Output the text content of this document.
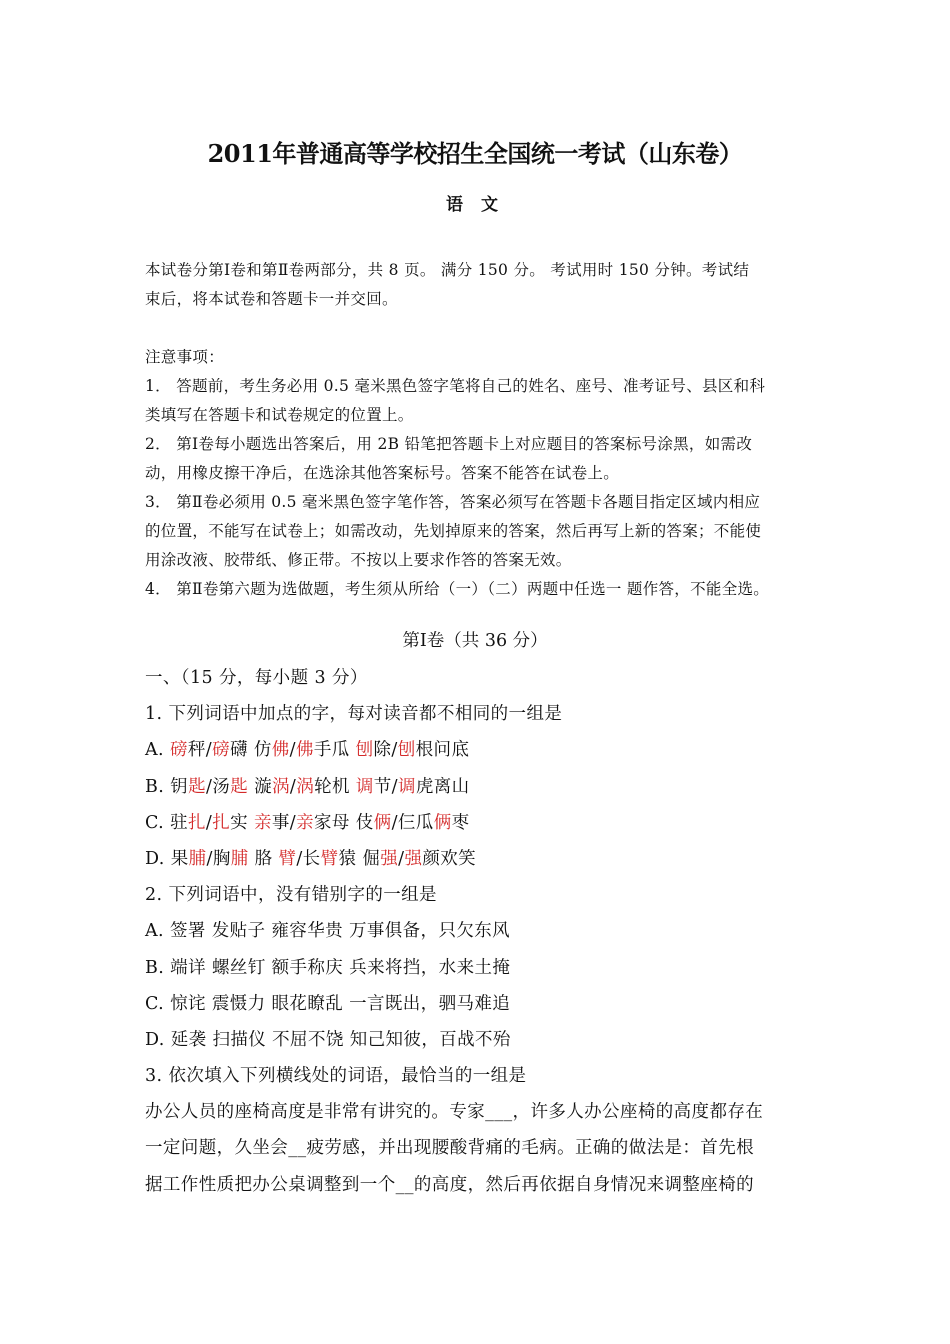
2011年普通高等学校招生全国统一考试（山东卷）
语 文

本试卷分第Ⅰ卷和第Ⅱ卷两部分，共 8 页。 满分 150 分。 考试用时 150 分钟。考试结

束后，将本试卷和答题卡一并交回。

注意事项：

1． 答题前，考生务必用 0.5 毫米黑色签字笔将自己的姓名、座号、准考证号、县区和科

类填写在答题卡和试卷规定的位置上。

2． 第Ⅰ卷每小题选出答案后，用 2B 铅笔把答题卡上对应题目的答案标号涂黑，如需改

动，用橡皮擦干净后，在选涂其他答案标号。答案不能答在试卷上。

3． 第Ⅱ卷必须用 0.5 毫米黑色签字笔作答，答案必须写在答题卡各题目指定区域内相应

的位置，不能写在试卷上；如需改动，先划掉原来的答案，然后再写上新的答案；不能使

用涂改液、胶带纸、修正带。不按以上要求作答的答案无效。

4． 第Ⅱ卷第六题为选做题，考生须从所给（一）（二）两题中任选一 题作答，不能全选。

第Ⅰ卷（共 36 分）

一、（15 分，每小题 3 分）

1. 下列词语中加点的字，每对读音都不相同的一组是

A. 磅秤/磅礴 仿佛/佛手瓜 刨除/刨根问底

B. 钥匙/汤匙 漩涡/涡轮机 调节/调虎离山

C. 驻扎/扎实 亲事/亲家母 伎俩/仨瓜俩枣

D. 果脯/胸脯 胳 臂/长臂猿 倔强/强颜欢笑

2. 下列词语中，没有错别字的一组是

A. 签署 发贴子 雍容华贵 万事俱备，只欠东风

B. 端详 螺丝钉 额手称庆 兵来将挡，水来土掩

C. 惊诧 震慑力 眼花瞭乱 一言既出，驷马难追

D. 延袭 扫描仪 不屈不饶 知己知彼，百战不殆

3. 依次填入下列横线处的词语，最恰当的一组是

办公人员的座椅高度是非常有讲究的。专家___，许多人办公座椅的高度都存在

一定问题，久坐会__疲劳感，并出现腰酸背痛的毛病。正确的做法是：首先根

据工作性质把办公桌调整到一个__的高度，然后再依据自身情况来调整座椅的
